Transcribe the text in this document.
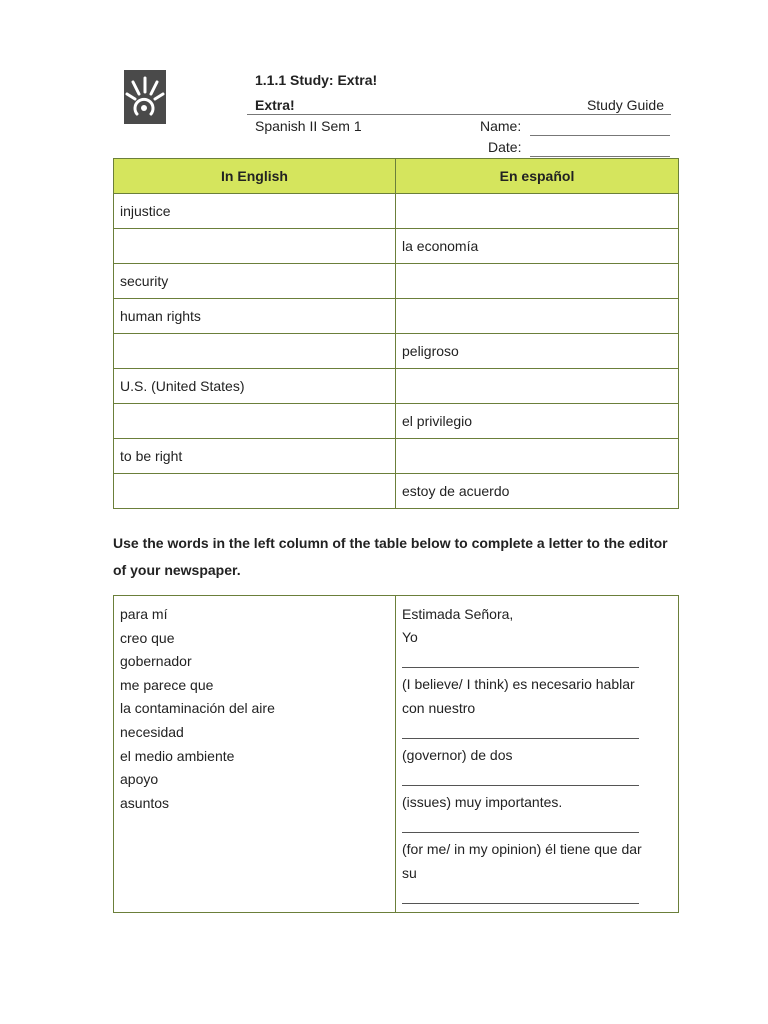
1.1.1 Study: Extra!
Extra!	Study Guide
Spanish II Sem 1	Name:
Date:
In English	En español
injustice	
	la economía
security	
human rights	
	peligroso
U.S. (United States)	
	el privilegio
to be right	
	estoy de acuerdo
Use the words in the left column of the table below to complete a letter to the editor of your newspaper.
para mí
creo que
gobernador
me parece que
la contaminación del aire
necesidad
el medio ambiente
apoyo
asuntos
Estimada Señora,
Yo
(I believe/ I think) es necesario hablar
con nuestro
(governor) de dos
(issues) muy importantes.
(for me/ in my opinion) él tiene que dar
su
